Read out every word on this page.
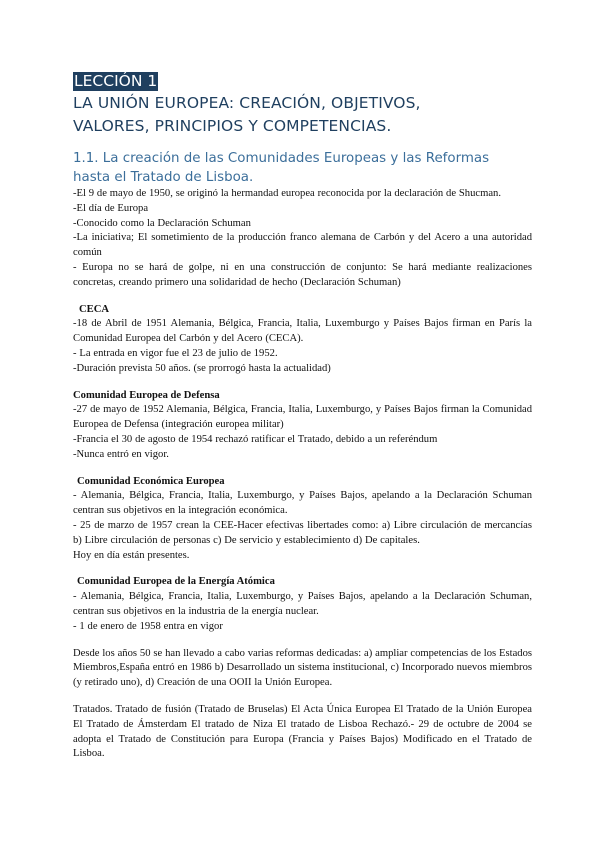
LECCIÓN 1
LA UNIÓN EUROPEA: CREACIÓN, OBJETIVOS,
VALORES, PRINCIPIOS Y COMPETENCIAS.
1.1. La creación de las Comunidades Europeas y las Reformas
hasta el Tratado de Lisboa.

-El 9 de mayo de 1950, se originó la hermandad europea reconocida por la declaración de Shucman.

-El día de Europa

-Conocido como la Declaración Schuman

-La iniciativa; El sometimiento de la producción franco alemana de Carbón y del Acero a una autoridad común

- Europa no se hará de golpe, ni en una construcción de conjunto: Se hará mediante realizaciones concretas, creando primero una solidaridad de hecho (Declaración Schuman)

CECA

-18 de Abril de 1951 Alemania, Bélgica, Francia, Italia, Luxemburgo y Países Bajos firman en París la Comunidad Europea del Carbón y del Acero (CECA).

- La entrada en vigor fue el 23 de julio de 1952.

-Duración prevista 50 años. (se prorrogó hasta la actualidad)

Comunidad Europea de Defensa

-27 de mayo de 1952 Alemania, Bélgica, Francia, Italia, Luxemburgo, y Países Bajos firman la Comunidad Europea de Defensa (integración europea militar)

-Francia el 30 de agosto de 1954 rechazó ratificar el Tratado, debido a un referéndum

-Nunca entró en vigor.

Comunidad Económica Europea

- Alemania, Bélgica, Francia, Italia, Luxemburgo, y Países Bajos, apelando a la Declaración Schuman centran sus objetivos en la integración económica.

- 25 de marzo de 1957 crean la CEE-Hacer efectivas libertades como: a) Libre circulación de mercancías b) Libre circulación de personas c) De servicio y establecimiento d) De capitales.

Hoy en día están presentes.

Comunidad Europea de la Energía Atómica

- Alemania, Bélgica, Francia, Italia, Luxemburgo, y Países Bajos, apelando a la Declaración Schuman, centran sus objetivos en la industria de la energía nuclear.

- 1 de enero de 1958 entra en vigor

Desde los años 50 se han llevado a cabo varias reformas dedicadas: a) ampliar competencias de los Estados Miembros,España entró en 1986 b) Desarrollado un sistema institucional, c) Incorporado nuevos miembros (y retirado uno), d) Creación de una OOII la Unión Europea.

Tratados. Tratado de fusión (Tratado de Bruselas) El Acta Única Europea El Tratado de la Unión Europea El Tratado de Ámsterdam El tratado de Niza El tratado de Lisboa Rechazó.- 29 de octubre de 2004 se adopta el Tratado de Constitución para Europa (Francia y Países Bajos) Modificado en el Tratado de Lisboa.
